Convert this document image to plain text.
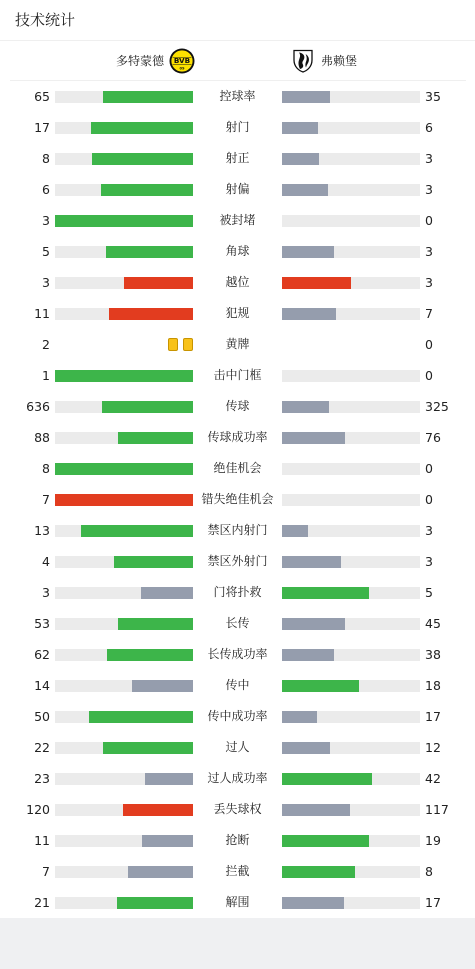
技术统计
多特蒙德 BVB
09
弗赖堡
65	控球率	35
17	射门	6
8	射正	3
6	射偏	3
3	被封堵	0
5	角球	3
3	越位	3
11	犯规	7
2	黄牌	0
1	击中门框	0
636	传球	325
88	传球成功率	76
8	绝佳机会	0
7	错失绝佳机会	0
13	禁区内射门	3
4	禁区外射门	3
3	门将扑救	5
53	长传	45
62	长传成功率	38
14	传中	18
50	传中成功率	17
22	过人	12
23	过人成功率	42
120	丢失球权	117
11	抢断	19
7	拦截	8
21	解围	17
